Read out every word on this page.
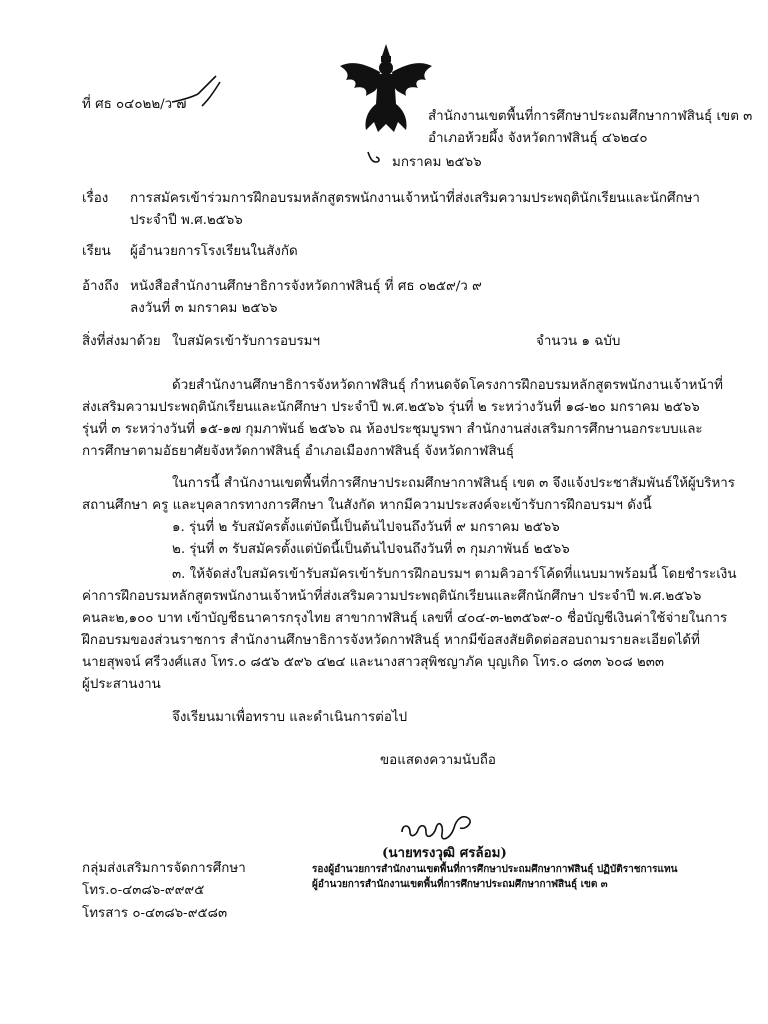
ที่ ศธ ๐๔๐๒๒/ว ๗
สำนักงานเขตพื้นที่การศึกษาประถมศึกษากาฬสินธุ์ เขต ๓
อำเภอห้วยผึ้ง จังหวัดกาฬสินธุ์ ๔๖๒๔๐
มกราคม ๒๕๖๖
เรื่อง การสมัครเข้าร่วมการฝึกอบรมหลักสูตรพนักงานเจ้าหน้าที่ส่งเสริมความประพฤตินักเรียนและนักศึกษา
ประจำปี พ.ศ.๒๕๖๖
เรียน ผู้อำนวยการโรงเรียนในสังกัด
อ้างถึง หนังสือสำนักงานศึกษาธิการจังหวัดกาฬสินธุ์ ที่ ศธ ๐๒๕๙/ว ๙
ลงวันที่ ๓ มกราคม ๒๕๖๖
สิ่งที่ส่งมาด้วย ใบสมัครเข้ารับการอบรมฯ	จำนวน ๑ ฉบับ
ด้วยสำนักงานศึกษาธิการจังหวัดกาฬสินธุ์ กำหนดจัดโครงการฝึกอบรมหลักสูตรพนักงานเจ้าหน้าที่
ส่งเสริมความประพฤตินักเรียนและนักศึกษา ประจำปี พ.ศ.๒๕๖๖ รุ่นที่ ๒ ระหว่างวันที่ ๑๘-๒๐ มกราคม ๒๕๖๖
รุ่นที่ ๓ ระหว่างวันที่ ๑๕-๑๗ กุมภาพันธ์ ๒๕๖๖ ณ ห้องประชุมบูรพา สำนักงานส่งเสริมการศึกษานอกระบบและ
การศึกษาตามอัธยาศัยจังหวัดกาฬสินธุ์ อำเภอเมืองกาฬสินธุ์ จังหวัดกาฬสินธุ์
ในการนี้ สำนักงานเขตพื้นที่การศึกษาประถมศึกษากาฬสินธุ์ เขต ๓ จึงแจ้งประชาสัมพันธ์ให้ผู้บริหาร
สถานศึกษา ครู และบุคลากรทางการศึกษา ในสังกัด หากมีความประสงค์จะเข้ารับการฝึกอบรมฯ ดังนี้
๑. รุ่นที่ ๒ รับสมัครตั้งแต่บัดนี้เป็นต้นไปจนถึงวันที่ ๙ มกราคม ๒๕๖๖
๒. รุ่นที่ ๓ รับสมัครตั้งแต่บัดนี้เป็นต้นไปจนถึงวันที่ ๓ กุมภาพันธ์ ๒๕๖๖
๓. ให้จัดส่งใบสมัครเข้ารับสมัครเข้ารับการฝึกอบรมฯ ตามคิวอาร์โค้ดที่แนบมาพร้อมนี้ โดยชำระเงิน
ค่าการฝึกอบรมหลักสูตรพนักงานเจ้าหน้าที่ส่งเสริมความประพฤตินักเรียนและศึกนักศึกษา ประจำปี พ.ศ.๒๕๖๖
คนละ๒,๑๐๐ บาท เข้าบัญชีธนาคารกรุงไทย สาขากาฬสินธุ์ เลขที่ ๔๐๔-๓-๒๓๕๖๙-๐ ชื่อบัญชีเงินค่าใช้จ่ายในการ
ฝึกอบรมของส่วนราชการ สำนักงานศึกษาธิการจังหวัดกาฬสินธุ์ หากมีข้อสงสัยติดต่อสอบถามรายละเอียดได้ที่
นายสุพจน์ ศรีวงศ์แสง โทร.๐ ๘๕๖ ๕๙๖ ๔๒๔ และนางสาวสุพิชญาภัค บุญเกิด โทร.๐ ๘๓๓ ๖๐๘ ๒๓๓
ผู้ประสานงาน
จึงเรียนมาเพื่อทราบ และดำเนินการต่อไป
ขอแสดงความนับถือ
(นายทรงวุฒิ ศรล้อม)
รองผู้อำนวยการสำนักงานเขตพื้นที่การศึกษาประถมศึกษากาฬสินธุ์ ปฏิบัติราชการแทน
ผู้อำนวยการสำนักงานเขตพื้นที่การศึกษาประถมศึกษากาฬสินธุ์ เขต ๓
กลุ่มส่งเสริมการจัดการศึกษา
โทร.๐-๔๓๘๖-๙๙๙๕
โทรสาร ๐-๔๓๘๖-๙๕๘๓
